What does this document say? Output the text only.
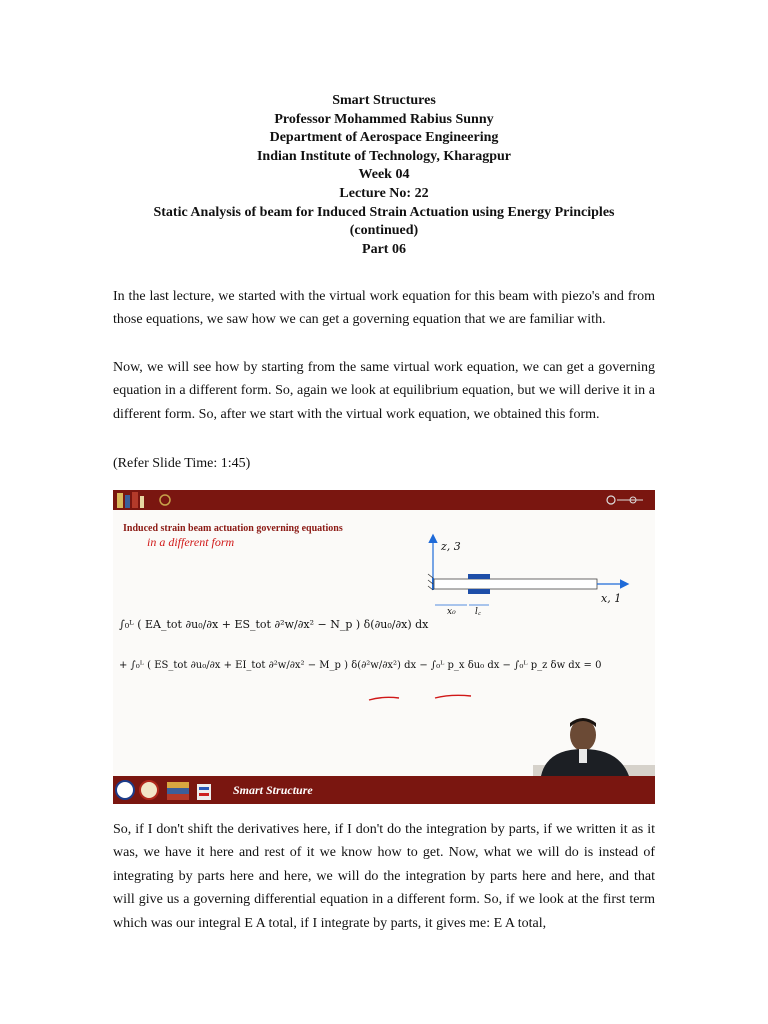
Smart Structures
Professor Mohammed Rabius Sunny
Department of Aerospace Engineering
Indian Institute of Technology, Kharagpur
Week 04
Lecture No: 22
Static Analysis of beam for Induced Strain Actuation using Energy Principles
(continued)
Part 06

In the last lecture, we started with the virtual work equation for this beam with piezo's and from those equations, we saw how we can get a governing equation that we are familiar with.

Now, we will see how by starting from the same virtual work equation, we can get a governing equation in a different form. So, again we look at equilibrium equation, but we will derive it in a different form. So, after we start with the virtual work equation, we obtained this form.

(Refer Slide Time: 1:45)
Induced strain beam actuation governing equations
in a different form	z, 3
x, 1
x₀ l꜀
∫₀ᴸ ( EA_tot ∂u₀/∂x + ES_tot ∂²w/∂x² − N_p ) δ(∂u₀/∂x) dx
+ ∫₀ᴸ ( ES_tot ∂u₀/∂x + EI_tot ∂²w/∂x² − M_p ) δ(∂²w/∂x²) dx − ∫₀ᴸ p_x δu₀ dx − ∫₀ᴸ p_z δw dx = 0
Smart Structure

So, if I don't shift the derivatives here, if I don't do the integration by parts, if we written it as it was, we have it here and rest of it we know how to get. Now, what we will do is instead of integrating by parts here and here, we will do the integration by parts here and here, and that will give us a governing differential equation in a different form. So, if we look at the first term which was our integral E A total, if I integrate by parts, it gives me: E A total,
